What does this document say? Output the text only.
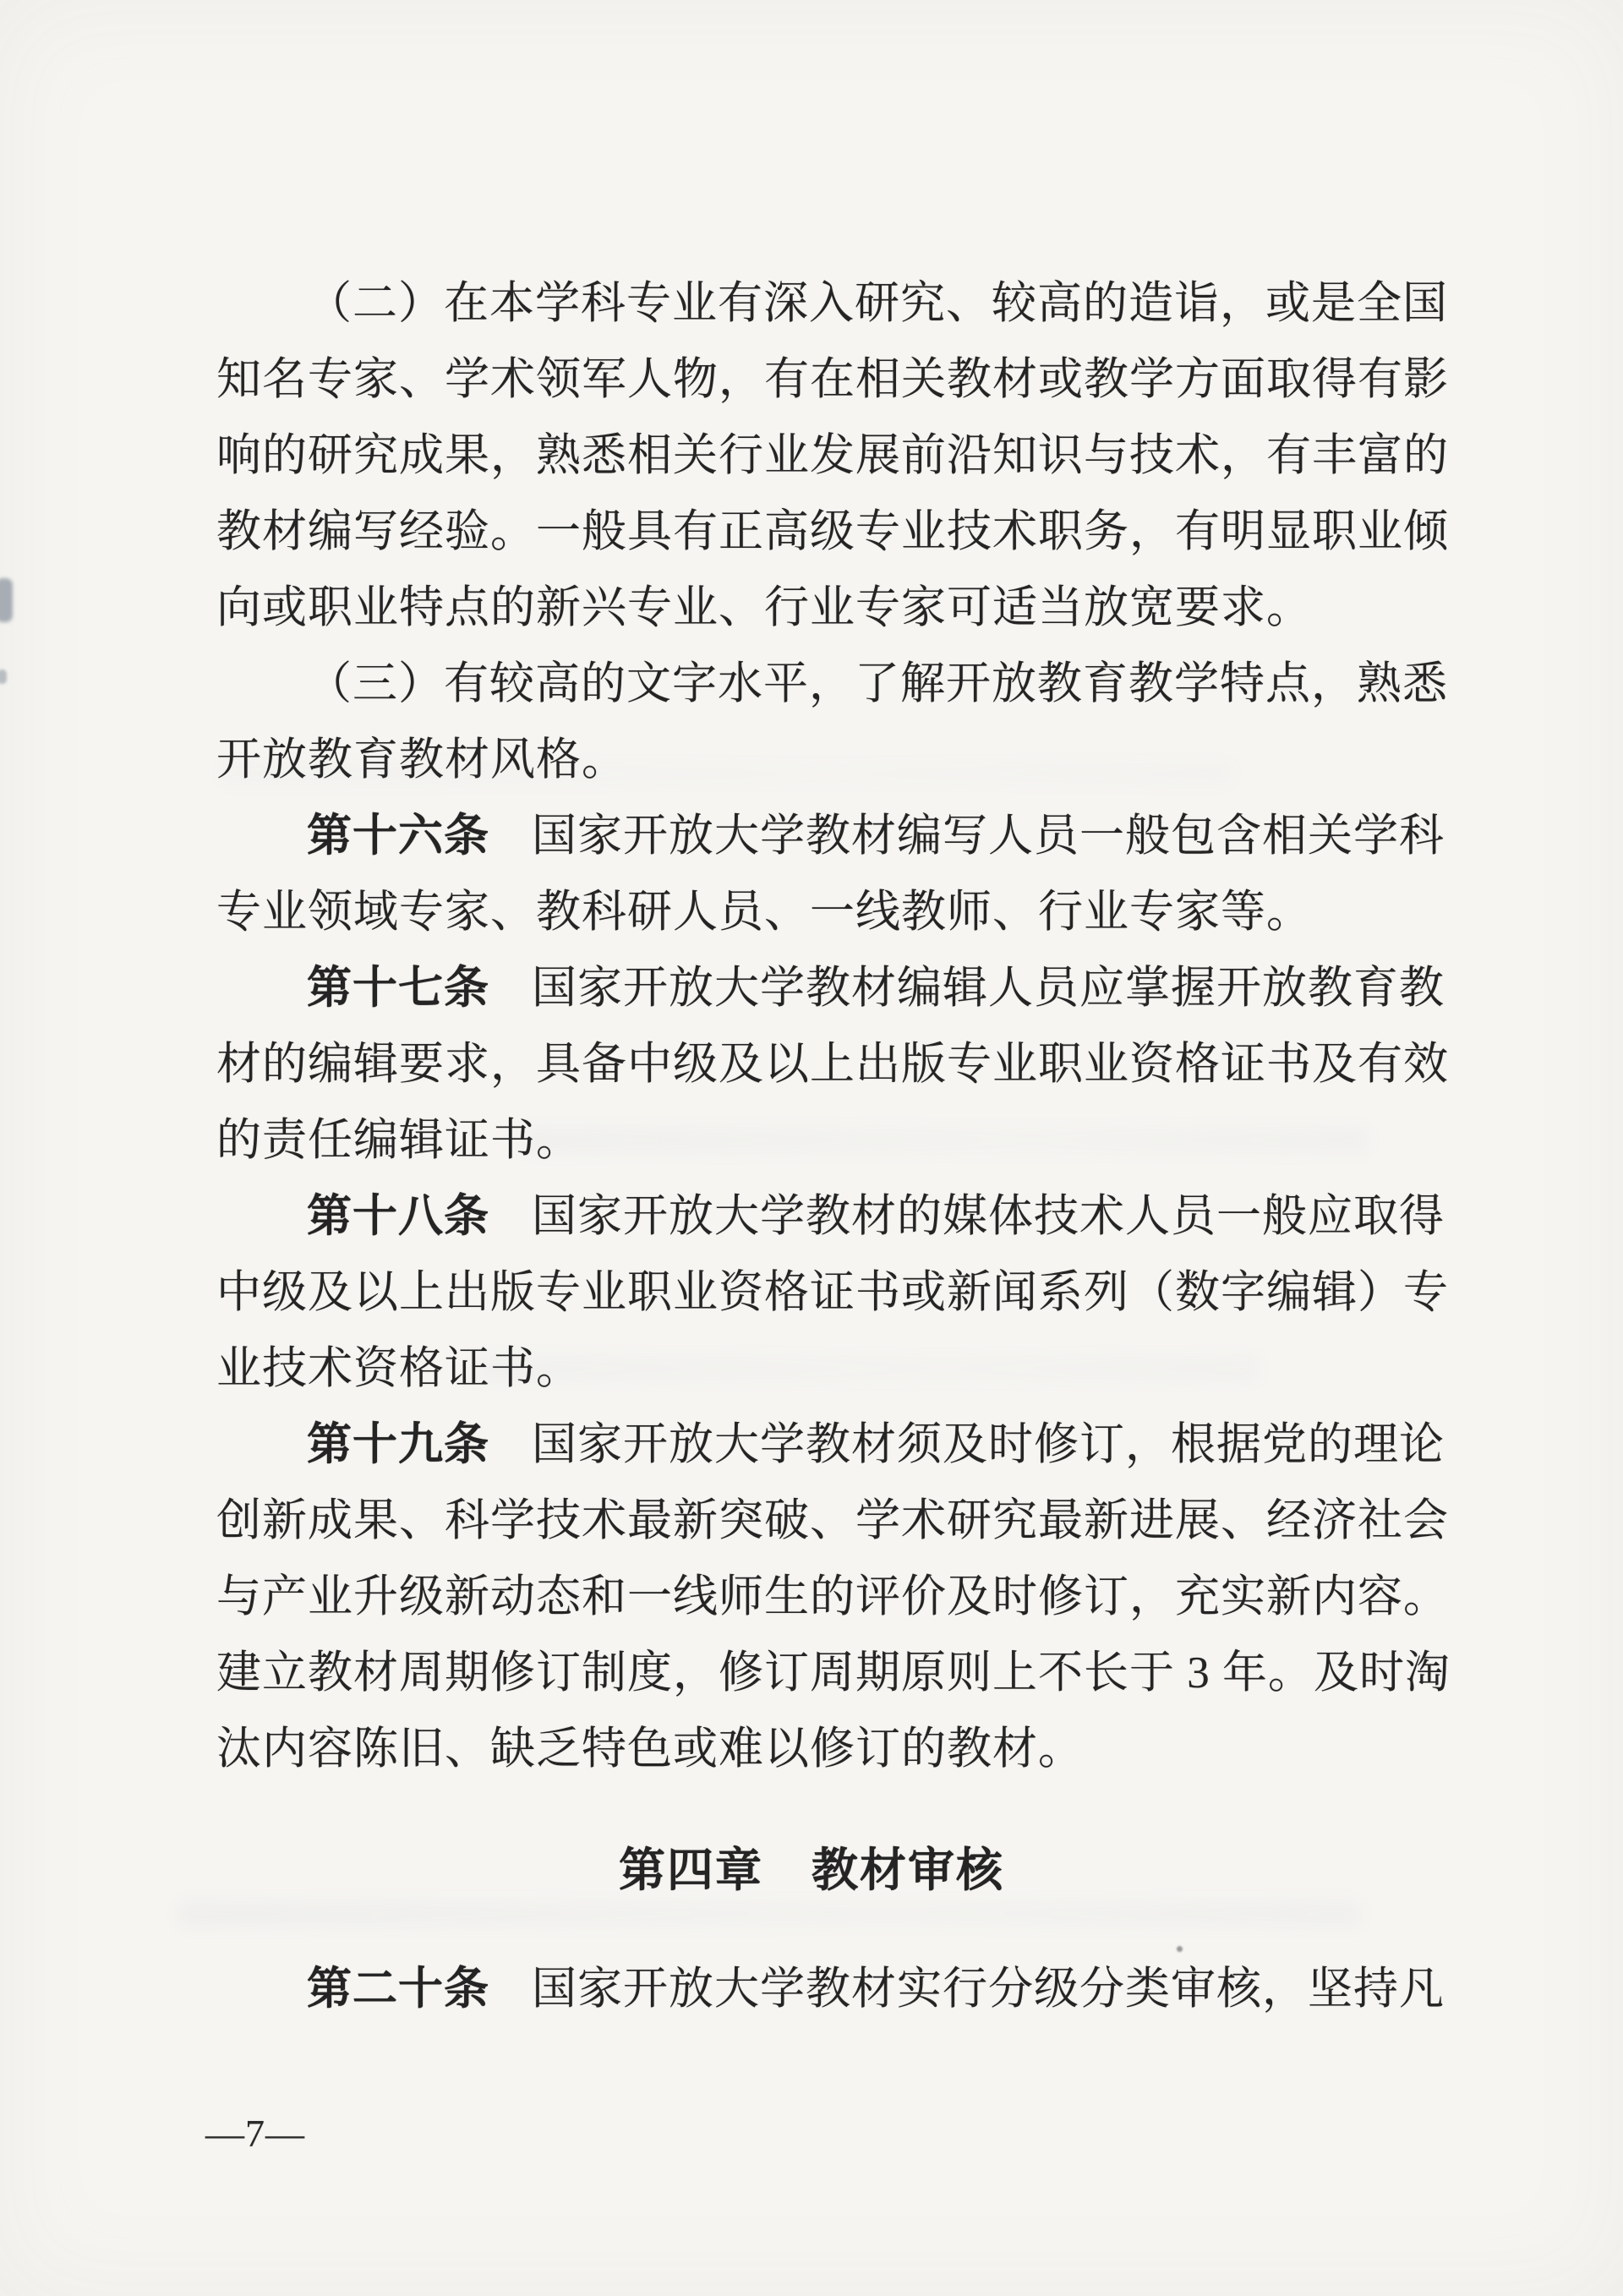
（二）在本学科专业有深入研究、较高的造诣，或是全国
知名专家、学术领军人物，有在相关教材或教学方面取得有影
响的研究成果，熟悉相关行业发展前沿知识与技术，有丰富的
教材编写经验。一般具有正高级专业技术职务，有明显职业倾
向或职业特点的新兴专业、行业专家可适当放宽要求。
（三）有较高的文字水平，了解开放教育教学特点，熟悉
开放教育教材风格。
第十六条 国家开放大学教材编写人员一般包含相关学科
专业领域专家、教科研人员、一线教师、行业专家等。
第十七条 国家开放大学教材编辑人员应掌握开放教育教
材的编辑要求，具备中级及以上出版专业职业资格证书及有效
的责任编辑证书。
第十八条 国家开放大学教材的媒体技术人员一般应取得
中级及以上出版专业职业资格证书或新闻系列（数字编辑）专
业技术资格证书。
第十九条 国家开放大学教材须及时修订，根据党的理论
创新成果、科学技术最新突破、学术研究最新进展、经济社会
与产业升级新动态和一线师生的评价及时修订，充实新内容。
建立教材周期修订制度，修订周期原则上不长于 3 年。及时淘
汰内容陈旧、缺乏特色或难以修订的教材。
第四章　教材审核
第二十条 国家开放大学教材实行分级分类审核，坚持凡
—7—
